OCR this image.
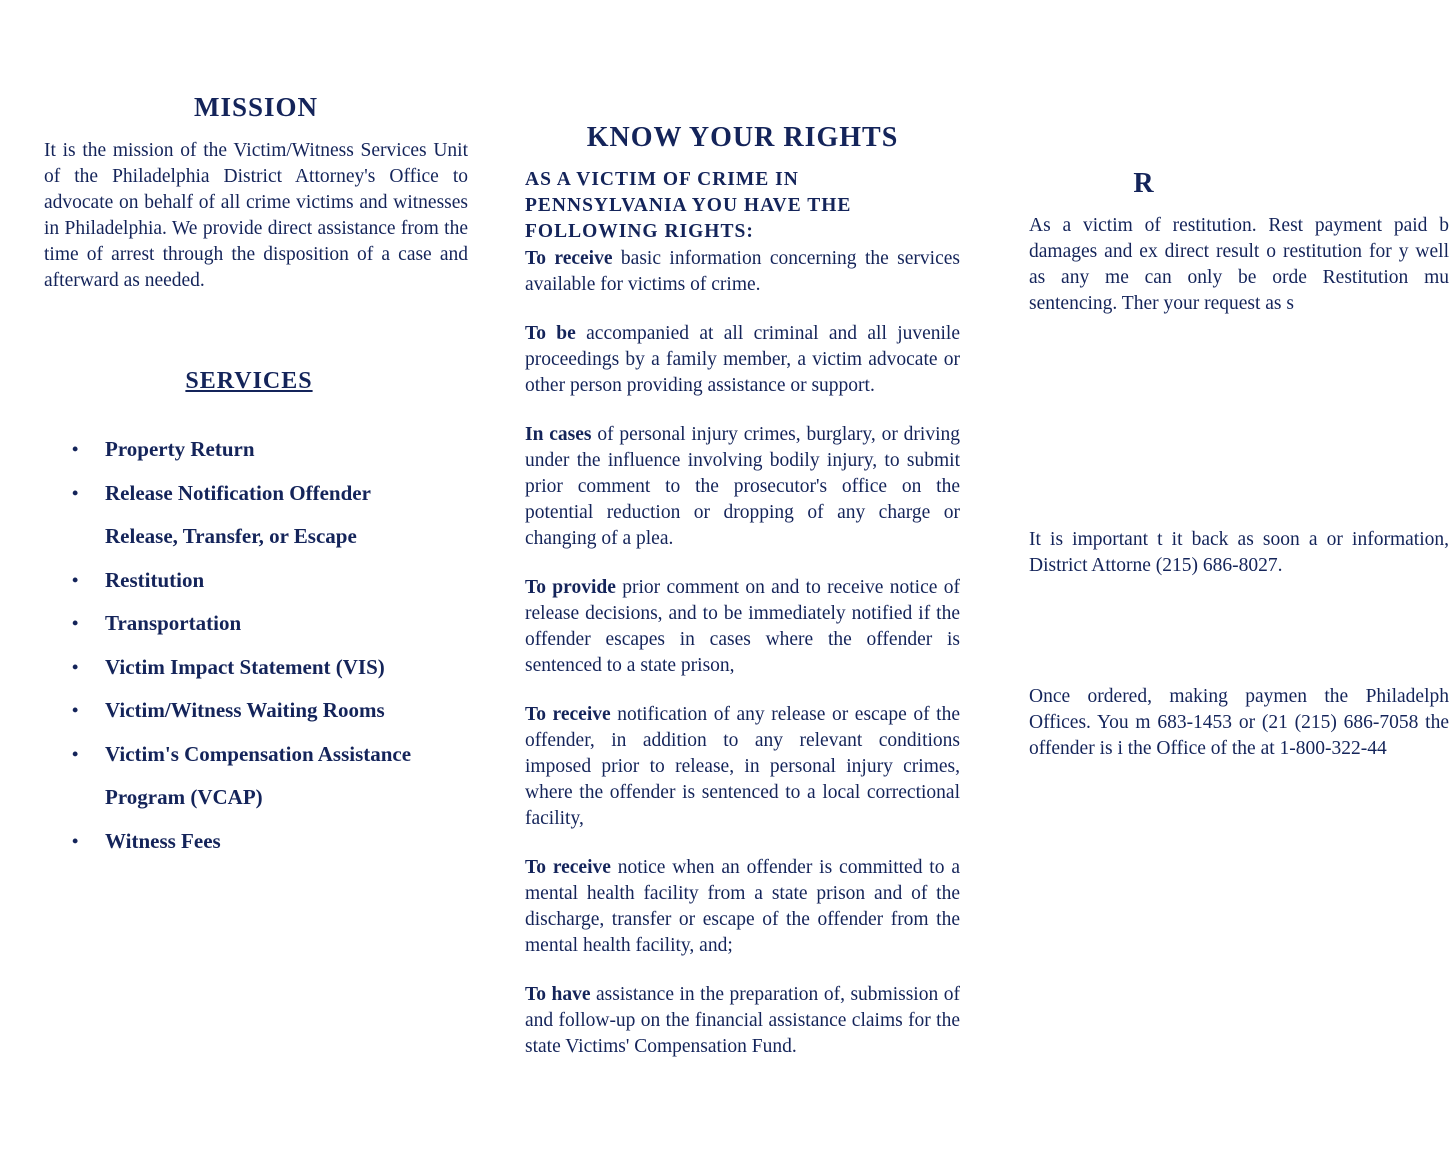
MISSION

It is the mission of the Victim/Witness Services Unit of the Philadelphia District Attorney's Office to advocate on behalf of all crime victims and witnesses in Philadelphia. We provide direct assistance from the time of arrest through the disposition of a case and afterward as needed.

SERVICES
• Property Return
• Release Notification Offender
Release, Transfer, or Escape
• Restitution
• Transportation
• Victim Impact Statement (VIS)
• Victim/Witness Waiting Rooms
• Victim's Compensation Assistance
Program (VCAP)
• Witness Fees
KNOW YOUR RIGHTS
AS A VICTIM OF CRIME IN PENNSYLVANIA YOU HAVE THE FOLLOWING RIGHTS:

To receive basic information concerning the services available for victims of crime.

To be accompanied at all criminal and all juvenile proceedings by a family member, a victim advocate or other person providing assistance or support.

In cases of personal injury crimes, burglary, or driving under the influence involving bodily injury, to submit prior comment to the prosecutor's office on the potential reduction or dropping of any charge or changing of a plea.

To provide prior comment on and to receive notice of release decisions, and to be immediately notified if the offender escapes in cases where the offender is sentenced to a state prison,

To receive notification of any release or escape of the offender, in addition to any relevant conditions imposed prior to release, in personal injury crimes, where the offender is sentenced to a local correctional facility,

To receive notice when an offender is committed to a mental health facility from a state prison and of the discharge, transfer or escape of the offender from the mental health facility, and;

To have assistance in the preparation of, submission of and follow-up on the financial assistance claims for the state Victims' Compensation Fund.

R

As a victim of restitution. Rest payment paid b damages and ex direct result o restitution for y well as any me can only be orde Restitution mu sentencing. Ther your request as s

It is important t it back as soon a or information, District Attorne (215) 686-8027.

Once ordered, making paymen the Philadelph Offices. You m 683-1453 or (21 (215) 686-7058 the offender is i the Office of the at 1-800-322-44
